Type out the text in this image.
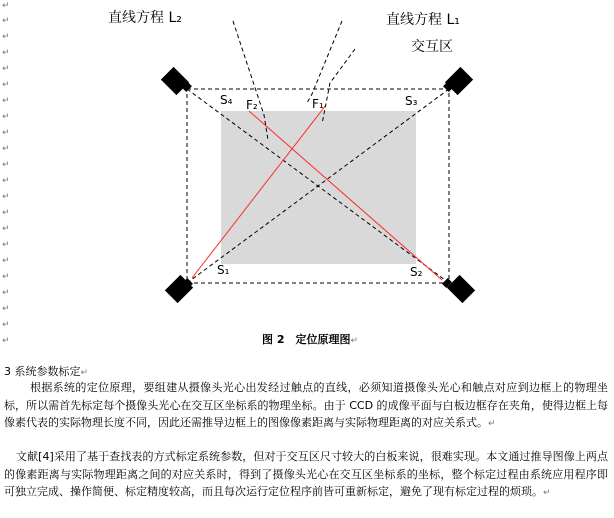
↵
↵
↵
↵
↵
↵
↵
↵
↵
↵
↵
↵
↵
↵
↵
↵
↵
↵
↵
↵
↵
↵
直线方程 L₂	直线方程 L₁
交互区
S₄ F₂	F₁	S₃
S₁	S₂
图 2　定位原理图↵
3 系统参数标定↵
根据系统的定位原理，要组建从摄像头光心出发经过触点的直线，必须知道摄像头光心和触点对应到边框上的物理坐标，所以需首先标定每个摄像头光心在交互区坐标系的物理坐标。由于 CCD 的成像平面与白板边框存在夹角，使得边框上每像素代表的实际物理长度不同，因此还需推导边框上的图像像素距离与实际物理距离的对应关系式。↵
文献[4]采用了基于查找表的方式标定系统参数，但对于交互区尺寸较大的白板来说，很难实现。本文通过推导图像上两点的像素距离与实际物理距离之间的对应关系时，得到了摄像头光心在交互区坐标系的坐标，整个标定过程由系统应用程序即可独立完成、操作简便、标定精度较高，而且每次运行定位程序前皆可重新标定，避免了现有标定过程的烦琐。↵
